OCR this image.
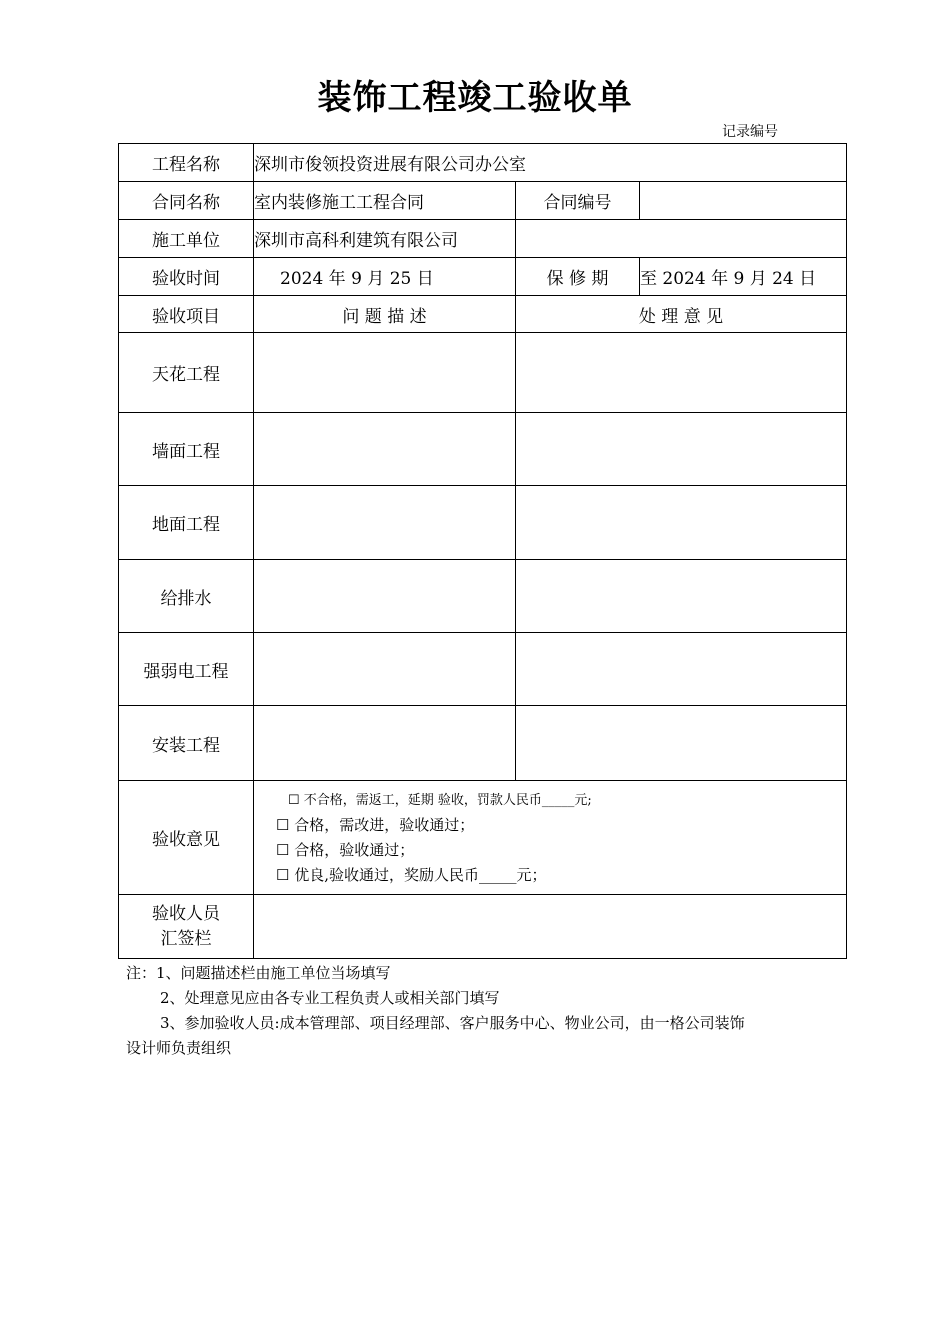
装饰工程竣工验收单
记录编号
工程名称	深圳市俊领投资进展有限公司办公室		
合同名称	室内装修施工工程合同	合同编号	
施工单位	深圳市高科利建筑有限公司		
验收时间	2024 年 9 月 25 日	保 修 期	至 2024 年 9 月 24 日
验收项目	问 题 描 述	处 理 意 见	
天花工程			
墙面工程			
地面工程			
给排水			
强弱电工程			
安装工程			
验收意见	☐ 不合格，需返工，延期 验收，罚款人民币_____元;
☐ 合格，需改进，验收通过；
☐ 合格，验收通过；
☐ 优良,验收通过，奖励人民币_____元；		

验收人员
汇签栏			

注：1、问题描述栏由施工单位当场填写
2、处理意见应由各专业工程负责人或相关部门填写
3、参加验收人员:成本管理部、项目经理部、客户服务中心、物业公司，由一格公司装饰
设计师负责组织
